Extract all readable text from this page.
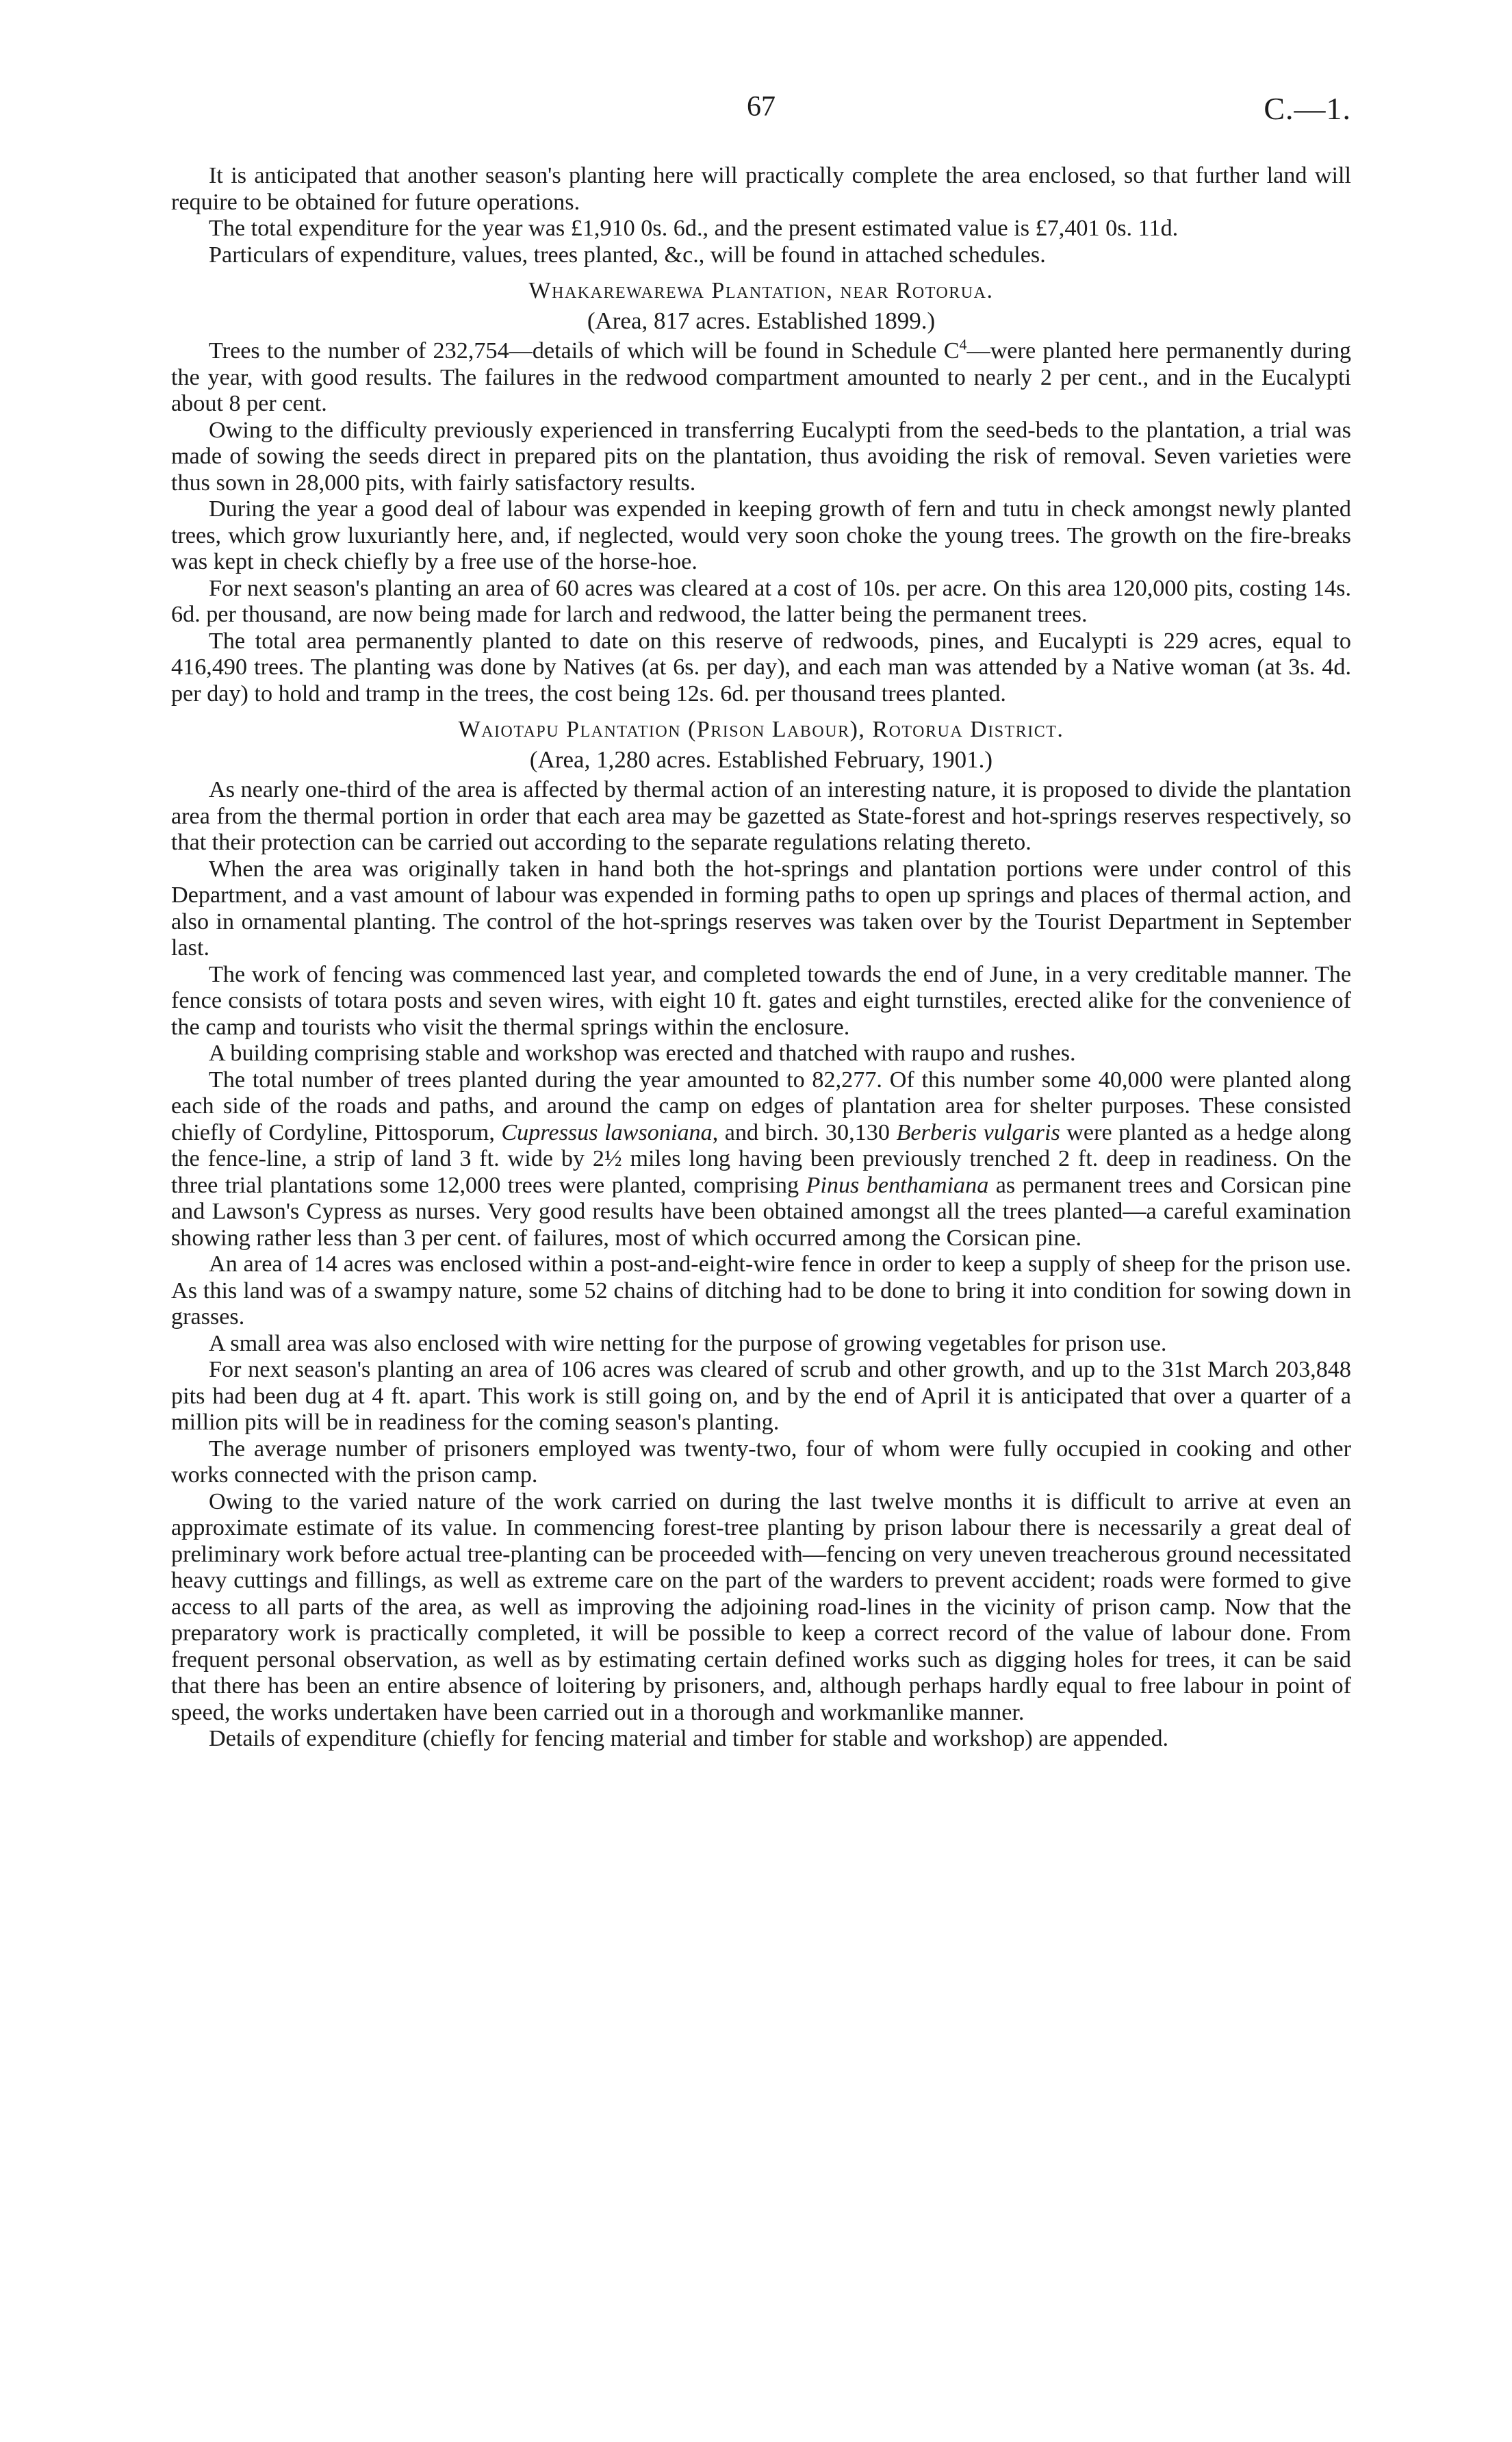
67	C.—1.

It is anticipated that another season's planting here will practically complete the area enclosed, so that further land will require to be obtained for future operations.

The total expenditure for the year was £1,910 0s. 6d., and the present estimated value is £7,401 0s. 11d.

Particulars of expenditure, values, trees planted, &c., will be found in attached schedules.

Whakarewarewa Plantation, near Rotorua.
(Area, 817 acres. Established 1899.)

Trees to the number of 232,754—details of which will be found in Schedule $C^4—were$ planted here permanently during the year, with good results. The failures in the redwood compartment amounted to nearly 2 per cent., and in the Eucalypti about 8 per cent.

Owing to the difficulty previously experienced in transferring Eucalypti from the seed-beds to the plantation, a trial was made of sowing the seeds direct in prepared pits on the plantation, thus avoiding the risk of removal. Seven varieties were thus sown in 28,000 pits, with fairly satisfactory results.

During the year a good deal of labour was expended in keeping growth of fern and tutu in check amongst newly planted trees, which grow luxuriantly here, and, if neglected, would very soon choke the young trees. The growth on the fire-breaks was kept in check chiefly by a free use of the horse-hoe.

For next season's planting an area of 60 acres was cleared at a cost of 10s. per acre. On this area 120,000 pits, costing 14s. 6d. per thousand, are now being made for larch and redwood, the latter being the permanent trees.

The total area permanently planted to date on this reserve of redwoods, pines, and Eucalypti is 229 acres, equal to 416,490 trees. The planting was done by Natives (at 6s. per day), and each man was attended by a Native woman (at 3s. 4d. per day) to hold and tramp in the trees, the cost being 12s. 6d. per thousand trees planted.

Waiotapu Plantation (Prison Labour), Rotorua District.
(Area, 1,280 acres. Established February, 1901.)

As nearly one-third of the area is affected by thermal action of an interesting nature, it is proposed to divide the plantation area from the thermal portion in order that each area may be gazetted as State-forest and hot-springs reserves respectively, so that their protection can be carried out according to the separate regulations relating thereto.

When the area was originally taken in hand both the hot-springs and plantation portions were under control of this Department, and a vast amount of labour was expended in forming paths to open up springs and places of thermal action, and also in ornamental planting. The control of the hot-springs reserves was taken over by the Tourist Department in September last.

The work of fencing was commenced last year, and completed towards the end of June, in a very creditable manner. The fence consists of totara posts and seven wires, with eight 10 ft. gates and eight turnstiles, erected alike for the convenience of the camp and tourists who visit the thermal springs within the enclosure.

A building comprising stable and workshop was erected and thatched with raupo and rushes.

The total number of trees planted during the year amounted to 82,277. Of this number some 40,000 were planted along each side of the roads and paths, and around the camp on edges of plantation area for shelter purposes. These consisted chiefly of Cordyline, Pittosporum, Cupressus lawsoniana, and birch. 30,130 Berberis vulgaris were planted as a hedge along the fence-line, a strip of land 3 ft. wide by 2½ miles long having been previously trenched 2 ft. deep in readiness. On the three trial plantations some 12,000 trees were planted, comprising Pinus benthamiana as permanent trees and Corsican pine and Lawson's Cypress as nurses. Very good results have been obtained amongst all the trees planted—a careful examination showing rather less than 3 per cent. of failures, most of which occurred among the Corsican pine.

An area of 14 acres was enclosed within a post-and-eight-wire fence in order to keep a supply of sheep for the prison use. As this land was of a swampy nature, some 52 chains of ditching had to be done to bring it into condition for sowing down in grasses.

A small area was also enclosed with wire netting for the purpose of growing vegetables for prison use.

For next season's planting an area of 106 acres was cleared of scrub and other growth, and up to the 31st March 203,848 pits had been dug at 4 ft. apart. This work is still going on, and by the end of April it is anticipated that over a quarter of a million pits will be in readiness for the coming season's planting.

The average number of prisoners employed was twenty-two, four of whom were fully occupied in cooking and other works connected with the prison camp.

Owing to the varied nature of the work carried on during the last twelve months it is difficult to arrive at even an approximate estimate of its value. In commencing forest-tree planting by prison labour there is necessarily a great deal of preliminary work before actual tree-planting can be proceeded with—fencing on very uneven treacherous ground necessitated heavy cuttings and fillings, as well as extreme care on the part of the warders to prevent accident; roads were formed to give access to all parts of the area, as well as improving the adjoining road-lines in the vicinity of prison camp. Now that the preparatory work is practically completed, it will be possible to keep a correct record of the value of labour done. From frequent personal observation, as well as by estimating certain defined works such as digging holes for trees, it can be said that there has been an entire absence of loitering by prisoners, and, although perhaps hardly equal to free labour in point of speed, the works undertaken have been carried out in a thorough and workmanlike manner.

Details of expenditure (chiefly for fencing material and timber for stable and workshop) are appended.
